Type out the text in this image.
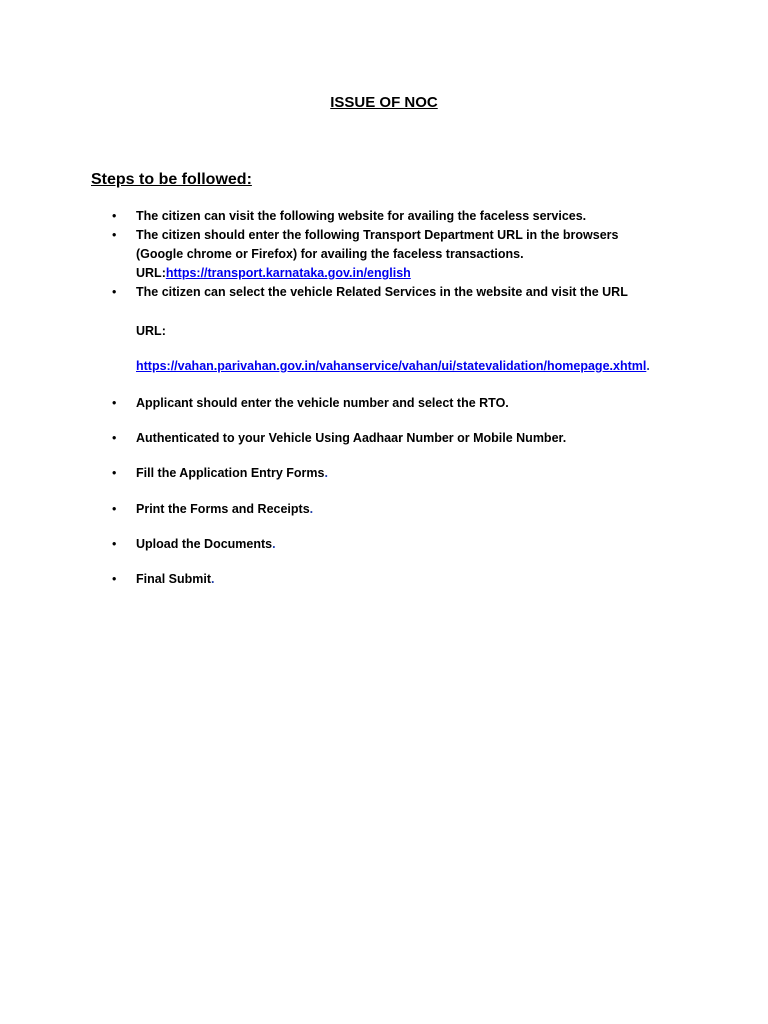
ISSUE OF NOC
Steps to be followed:
• The citizen can visit the following website for availing the faceless services.
• The citizen should enter the following Transport Department URL in the browsers
(Google chrome or Firefox) for availing the faceless transactions.
URL:https://transport.karnataka.gov.in/english
• The citizen can select the vehicle Related Services in the website and visit the URL
URL:
https://vahan.parivahan.gov.in/vahanservice/vahan/ui/statevalidation/homepage.xhtml.
• Applicant should enter the vehicle number and select the RTO.
• Authenticated to your Vehicle Using Aadhaar Number or Mobile Number.
• Fill the Application Entry Forms.
• Print the Forms and Receipts.
• Upload the Documents.
• Final Submit.
